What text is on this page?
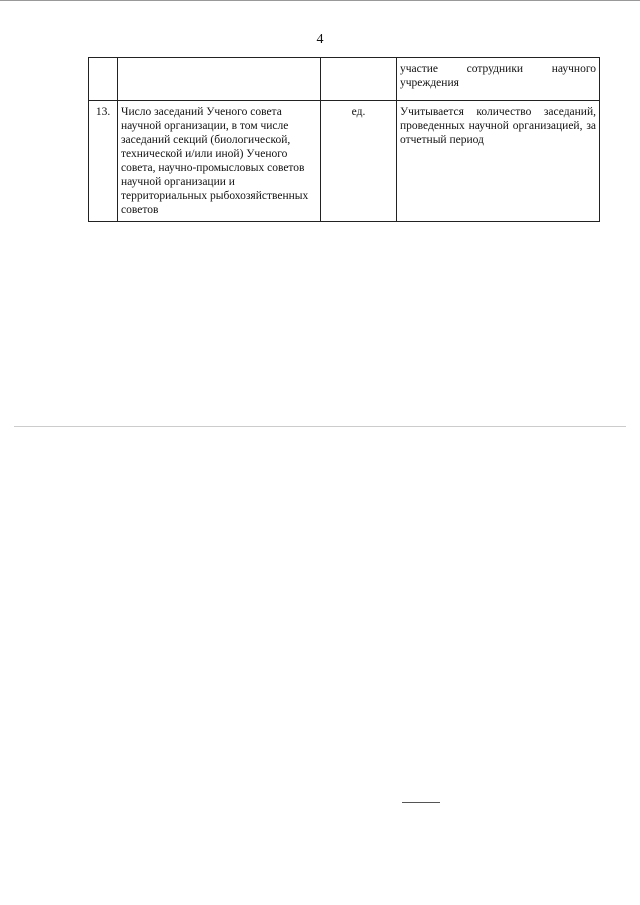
4
			участие сотрудники научного учреждения
13.	Число заседаний Ученого совета научной организации, в том числе заседаний секций (биологической, технической и/или иной) Ученого совета, научно-промысловых советов научной организации и территориальных рыбохозяйственных советов	ед.	Учитывается количество заседаний, проведенных научной организацией, за отчетный период
